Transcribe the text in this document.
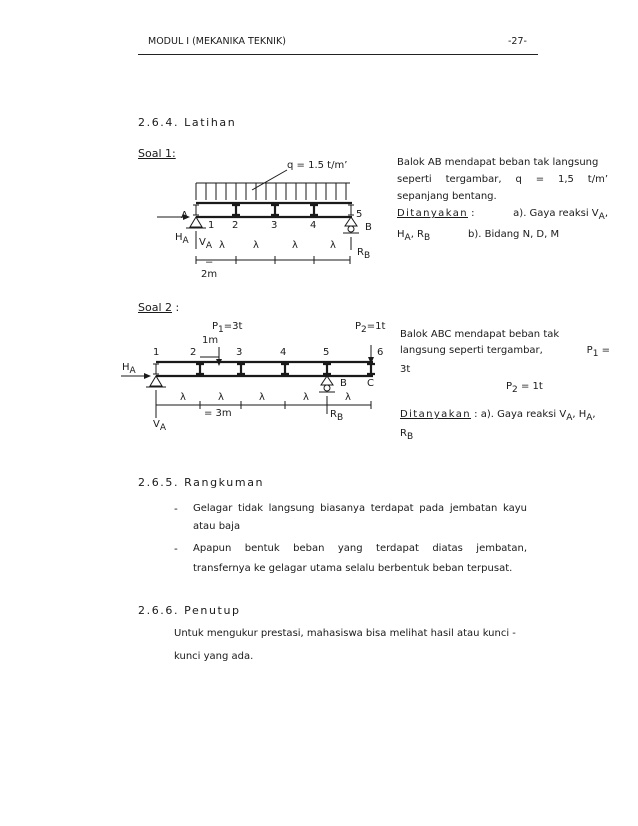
MODUL I (MEKANIKA TEKNIK)	-27-
2.6.4. Latihan
Soal 1:
q = 1.5 t/m’
A
B
1 2	3	4
5
$H_A$ $V_A$
$R_B$
λ	λ	λ	λ
=
2m
Balok AB mendapat beban tak langsung
seperti tergambar, q = 1,5 t/m’
sepanjang bentang.
Ditanyakan :	a). Gaya reaksi $V_A$,
$H_A$, $R_B$	b). Bidang N, D, M
Soal 2 :
$P_1=3t$	$P_2=1t$
1m
1	2	3	4	5	6
B C
$H_A$
$V_A$
$R_B$
λ	λ	λ	λ	λ
= 3m
Balok ABC mendapat beban tak
langsung seperti tergambar,	$P_1$ =
3t
$P_2 = 1t$
Ditanyakan : a). Gaya reaksi $V_A$, $H_A$,
$R_B$
2.6.5. Rangkuman
- Gelagar tidak langsung biasanya terdapat pada jembatan kayu
atau baja
- Apapun bentuk beban yang terdapat diatas jembatan,
transfernya ke gelagar utama selalu berbentuk beban terpusat.
2.6.6. Penutup
Untuk mengukur prestasi, mahasiswa bisa melihat hasil atau kunci -
kunci yang ada.
